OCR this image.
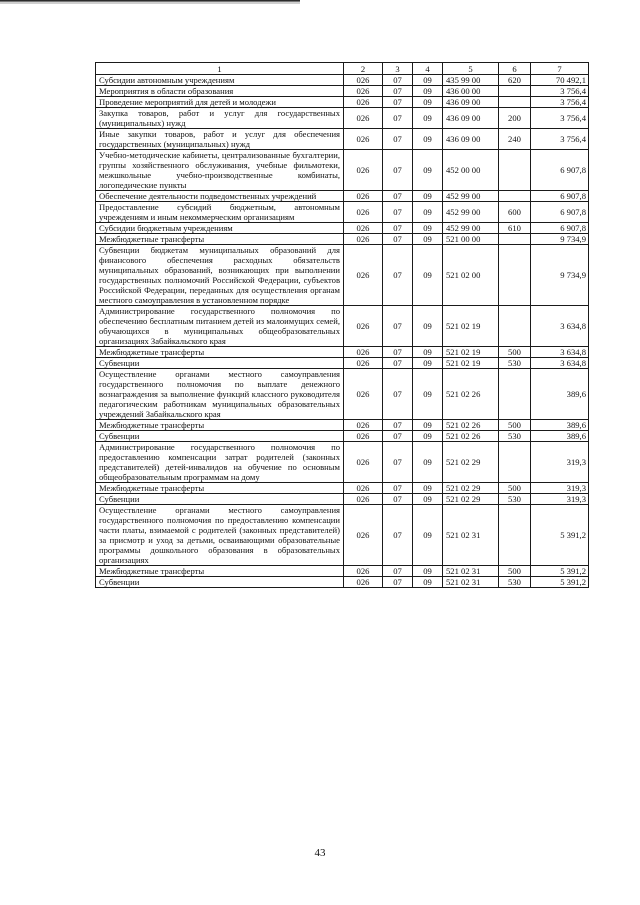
1	2	3	4	5	6	7
Субсидии автономным учреждениям	026	07	09	435 99 00	620	70 492,1
Мероприятия в области образования	026	07	09	436 00 00		3 756,4
Проведение мероприятий для детей и молодежи	026	07	09	436 09 00		3 756,4
Закупка товаров, работ и услуг для государственных (муниципальных) нужд	026	07	09	436 09 00	200	3 756,4
Иные закупки товаров, работ и услуг для обеспечения государственных (муниципальных) нужд	026	07	09	436 09 00	240	3 756,4
Учебно-методические кабинеты, централизованные бухгалтерии, группы хозяйственного обслуживания, учебные фильмотеки, межшкольные учебно-производственные комбинаты, логопедические пункты	026	07	09	452 00 00		6 907,8
Обеспечение деятельности подведомственных учреждений	026	07	09	452 99 00		6 907,8
Предоставление субсидий бюджетным, автономным учреждениям и иным некоммерческим организациям	026	07	09	452 99 00	600	6 907,8
Субсидии бюджетным учреждениям	026	07	09	452 99 00	610	6 907,8
Межбюджетные трансферты	026	07	09	521 00 00		9 734,9
Субвенции бюджетам муниципальных образований для финансового обеспечения расходных обязательств муниципальных образований, возникающих при выполнении государственных полномочий Российской Федерации, субъектов Российской Федерации, переданных для осуществления органам местного самоуправления в установленном порядке	026	07	09	521 02 00		9 734,9
Администрирование государственного полномочия по обеспечению бесплатным питанием детей из малоимущих семей, обучающихся в муниципальных общеобразовательных организациях Забайкальского края	026	07	09	521 02 19		3 634,8
Межбюджетные трансферты	026	07	09	521 02 19	500	3 634,8
Субвенции	026	07	09	521 02 19	530	3 634,8
Осуществление органами местного самоуправления государственного полномочия по выплате денежного вознаграждения за выполнение функций классного руководителя педагогическим работникам муниципальных образовательных учреждений Забайкальского края	026	07	09	521 02 26		389,6
Межбюджетные трансферты	026	07	09	521 02 26	500	389,6
Субвенции	026	07	09	521 02 26	530	389,6
Администрирование государственного полномочия по предоставлению компенсации затрат родителей (законных представителей) детей-инвалидов на обучение по основным общеобразовательным программам на дому	026	07	09	521 02 29		319,3
Межбюджетные трансферты	026	07	09	521 02 29	500	319,3
Субвенции	026	07	09	521 02 29	530	319,3
Осуществление органами местного самоуправления государственного полномочия по предоставлению компенсации части платы, взимаемой с родителей (законных представителей) за присмотр и уход за детьми, осваивающими образовательные программы дошкольного образования в образовательных организациях	026	07	09	521 02 31		5 391,2
Межбюджетные трансферты	026	07	09	521 02 31	500	5 391,2
Субвенции	026	07	09	521 02 31	530	5 391,2
43
